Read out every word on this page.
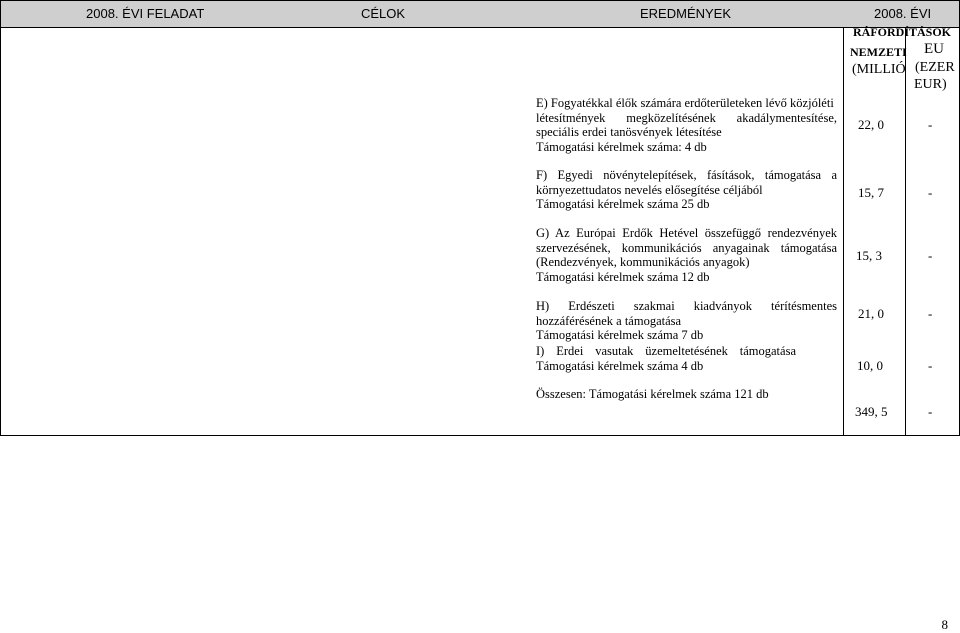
2008. ÉVI FELADAT	CÉLOK	EREDMÉNYEK	2008. ÉVI
RÁFORDÍTÁSOK
NEMZETI
(MILLIÓ
EU
(EZER
EUR)
E) Fogyatékkal élők számára erdőterületeken lévő közjóléti
létesítmények megközelítésének akadálymentesítése,
speciális erdei tanösvények létesítése
Támogatási kérelmek száma: 4 db
22, 0	-
F) Egyedi növénytelepítések, fásítások, támogatása a
környezettudatos nevelés elősegítése céljából
Támogatási kérelmek száma 25 db
15, 7	-
G) Az Európai Erdők Hetével összefüggő rendezvények
szervezésének, kommunikációs anyagainak támogatása
(Rendezvények, kommunikációs anyagok)
Támogatási kérelmek száma 12 db
15, 3	-
H) Erdészeti szakmai kiadványok térítésmentes
hozzáférésének a támogatása
Támogatási kérelmek száma 7 db
21, 0	-
I) Erdei vasutak üzemeltetésének támogatása
Támogatási kérelmek száma 4 db	10, 0	-
Összesen: Támogatási kérelmek száma 121 db
349, 5	-
8
